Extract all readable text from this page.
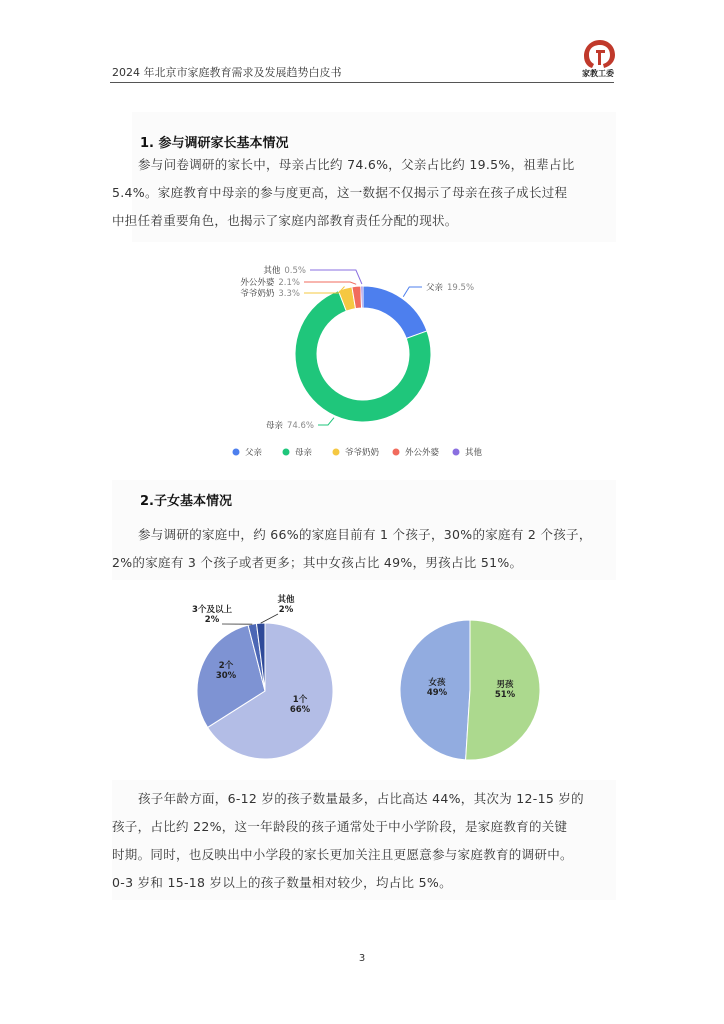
2024 年北京市家庭教育需求及发展趋势白皮书	家教工委
1. 参与调研家长基本情况

参与问卷调研的家长中，母亲占比约 74.6%，父亲占比约 19.5%，祖辈占比

5.4%。家庭教育中母亲的参与度更高，这一数据不仅揭示了母亲在孩子成长过程

中担任着重要角色，也揭示了家庭内部教育责任分配的现状。

父亲 19.5%
母亲 74.6%
爷爷奶奶 3.3%
外公外婆 2.1%
其他 0.5%
父亲	母亲	爷爷奶奶	外公外婆	其他
2.子女基本情况

参与调研的家庭中，约 66%的家庭目前有 1 个孩子，30%的家庭有 2 个孩子，

2%的家庭有 3 个孩子或者更多；其中女孩占比 49%，男孩占比 51%。

1个
66%
2个
30%
3个及以上
2%
其他
2%
女孩
49%
男孩
51%

孩子年龄方面，6-12 岁的孩子数量最多，占比高达 44%，其次为 12-15 岁的

孩子，占比约 22%，这一年龄段的孩子通常处于中小学阶段，是家庭教育的关键

时期。同时，也反映出中小学段的家长更加关注且更愿意参与家庭教育的调研中。

0-3 岁和 15-18 岁以上的孩子数量相对较少，均占比 5%。

3
